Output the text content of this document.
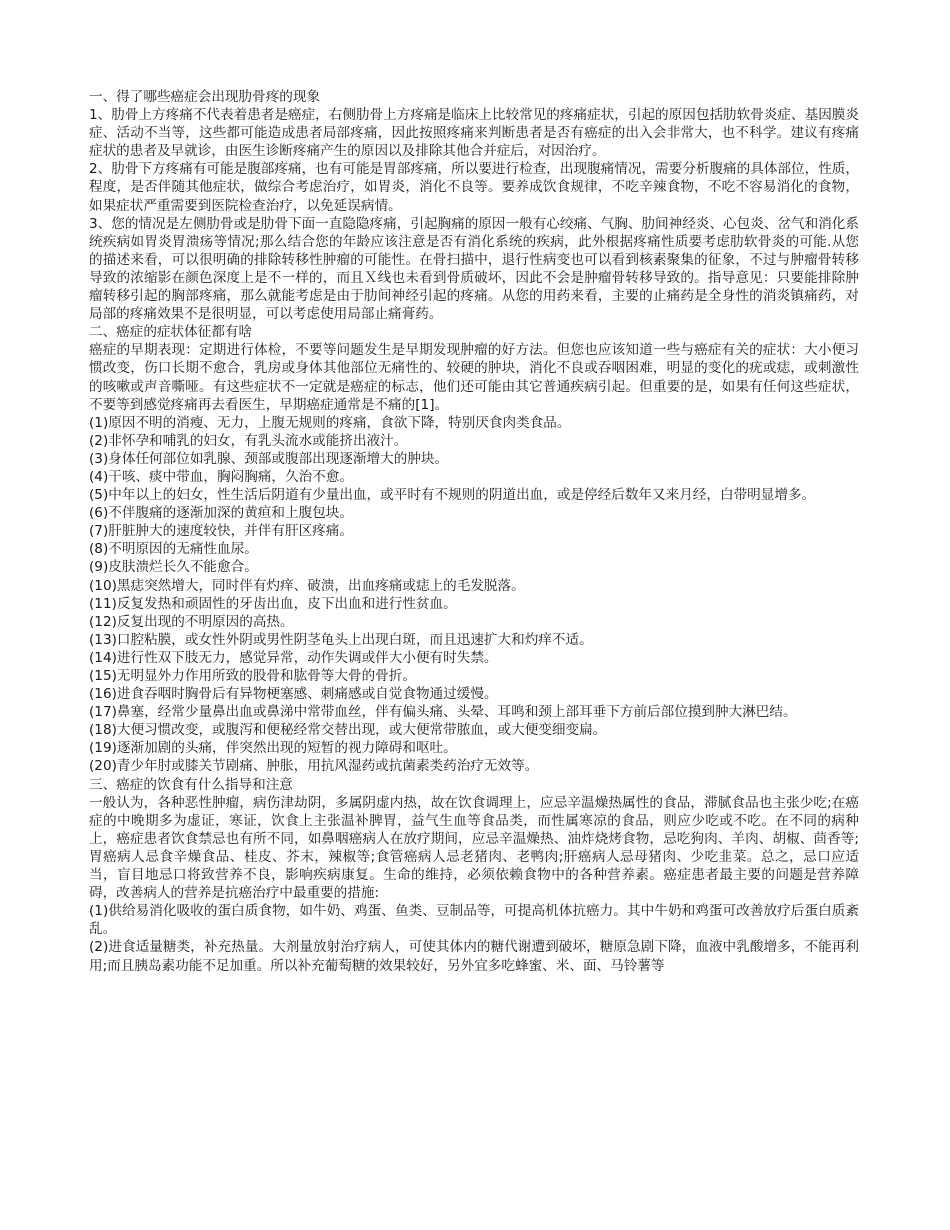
一、得了哪些癌症会出现肋骨疼的现象

1、肋骨上方疼痛不代表着患者是癌症，右侧肋骨上方疼痛是临床上比较常见的疼痛症状，引起的原因包括肋软骨炎症、基因膜炎症、活动不当等，这些都可能造成患者局部疼痛，因此按照疼痛来判断患者是否有癌症的出入会非常大，也不科学。建议有疼痛症状的患者及早就诊，由医生诊断疼痛产生的原因以及排除其他合并症后，对因治疗。

2、肋骨下方疼痛有可能是腹部疼痛，也有可能是胃部疼痛，所以要进行检查，出现腹痛情况，需要分析腹痛的具体部位，性质，程度，是否伴随其他症状，做综合考虑治疗，如胃炎，消化不良等。要养成饮食规律，不吃辛辣食物，不吃不容易消化的食物，如果症状严重需要到医院检查治疗，以免延误病情。

3、您的情况是左侧肋骨或是肋骨下面一直隐隐疼痛，引起胸痛的原因一般有心绞痛、气胸、肋间神经炎、心包炎、岔气和消化系统疾病如胃炎胃溃疡等情况;那么结合您的年龄应该注意是否有消化系统的疾病，此外根据疼痛性质要考虑肋软骨炎的可能.从您的描述来看，可以很明确的排除转移性肿瘤的可能性。在骨扫描中，退行性病变也可以看到核素聚集的征象，不过与肿瘤骨转移导致的浓缩影在颜色深度上是不一样的，而且Ｘ线也未看到骨质破坏，因此不会是肿瘤骨转移导致的。指导意见：只要能排除肿瘤转移引起的胸部疼痛，那么就能考虑是由于肋间神经引起的疼痛。从您的用药来看，主要的止痛药是全身性的消炎镇痛药，对局部的疼痛效果不是很明显，可以考虑使用局部止痛膏药。

二、癌症的症状体征都有啥

癌症的早期表现：定期进行体检，不要等问题发生是早期发现肿瘤的好方法。但您也应该知道一些与癌症有关的症状：大小便习惯改变，伤口长期不愈合，乳房或身体其他部位无痛性的、较硬的肿块，消化不良或吞咽困难，明显的变化的疣或痣，或刺激性的咳嗽或声音嘶哑。有这些症状不一定就是癌症的标志，他们还可能由其它普通疾病引起。但重要的是，如果有任何这些症状，不要等到感觉疼痛再去看医生，早期癌症通常是不痛的[1]。

(1)原因不明的消瘦、无力，上腹无规则的疼痛，食欲下降，特别厌食肉类食品。

(2)非怀孕和哺乳的妇女，有乳头流水或能挤出液汁。

(3)身体任何部位如乳腺、颈部或腹部出现逐渐增大的肿块。

(4)干咳、痰中带血，胸闷胸痛，久治不愈。

(5)中年以上的妇女，性生活后阴道有少量出血，或平时有不规则的阴道出血，或是停经后数年又来月经，白带明显增多。

(6)不伴腹痛的逐渐加深的黄疸和上腹包块。

(7)肝脏肿大的速度较快，并伴有肝区疼痛。

(8)不明原因的无痛性血尿。

(9)皮肤溃烂长久不能愈合。

(10)黑痣突然增大，同时伴有灼痒、破溃，出血疼痛或痣上的毛发脱落。

(11)反复发热和顽固性的牙齿出血，皮下出血和进行性贫血。

(12)反复出现的不明原因的高热。

(13)口腔粘膜，或女性外阴或男性阴茎龟头上出现白斑，而且迅速扩大和灼痒不适。

(14)进行性双下肢无力，感觉异常，动作失调或伴大小便有时失禁。

(15)无明显外力作用所致的股骨和肱骨等大骨的骨折。

(16)进食吞咽时胸骨后有异物梗塞感、刺痛感或自觉食物通过缓慢。

(17)鼻塞，经常少量鼻出血或鼻涕中常带血丝，伴有偏头痛、头晕、耳鸣和颈上部耳垂下方前后部位摸到肿大淋巴结。

(18)大便习惯改变，或腹泻和便秘经常交替出现，或大便常带脓血，或大便变细变扁。

(19)逐渐加剧的头痛，伴突然出现的短暂的视力障碍和呕吐。

(20)青少年肘或膝关节剧痛、肿胀，用抗风湿药或抗菌素类药治疗无效等。

三、癌症的饮食有什么指导和注意

一般认为，各种恶性肿瘤，病伤津劫阴，多属阴虚内热，故在饮食调理上，应忌辛温燥热属性的食品，滞腻食品也主张少吃;在癌症的中晚期多为虚证，寒证，饮食上主张温补脾胃，益气生血等食品类，而性属寒凉的食品，则应少吃或不吃。在不同的病种上，癌症患者饮食禁忌也有所不同，如鼻咽癌病人在放疗期间，应忌辛温燥热、油炸烧烤食物，忌吃狗肉、羊肉、胡椒、茴香等;胃癌病人忌食辛燥食品、桂皮、芥末，辣椒等;食管癌病人忌老猪肉、老鸭肉;肝癌病人忌母猪肉、少吃韭菜。总之，忌口应适当，盲目地忌口将致营养不良，影响疾病康复。生命的维持，必须依赖食物中的各种营养素。癌症患者最主要的问题是营养障碍，改善病人的营养是抗癌治疗中最重要的措施:

(1)供给易消化吸收的蛋白质食物，如牛奶、鸡蛋、鱼类、豆制品等，可提高机体抗癌力。其中牛奶和鸡蛋可改善放疗后蛋白质紊乱。

(2)进食适量糖类，补充热量。大剂量放射治疗病人，可使其体内的糖代谢遭到破坏，糖原急剧下降，血液中乳酸增多，不能再利用;而且胰岛素功能不足加重。所以补充葡萄糖的效果较好，另外宜多吃蜂蜜、米、面、马铃薯等
